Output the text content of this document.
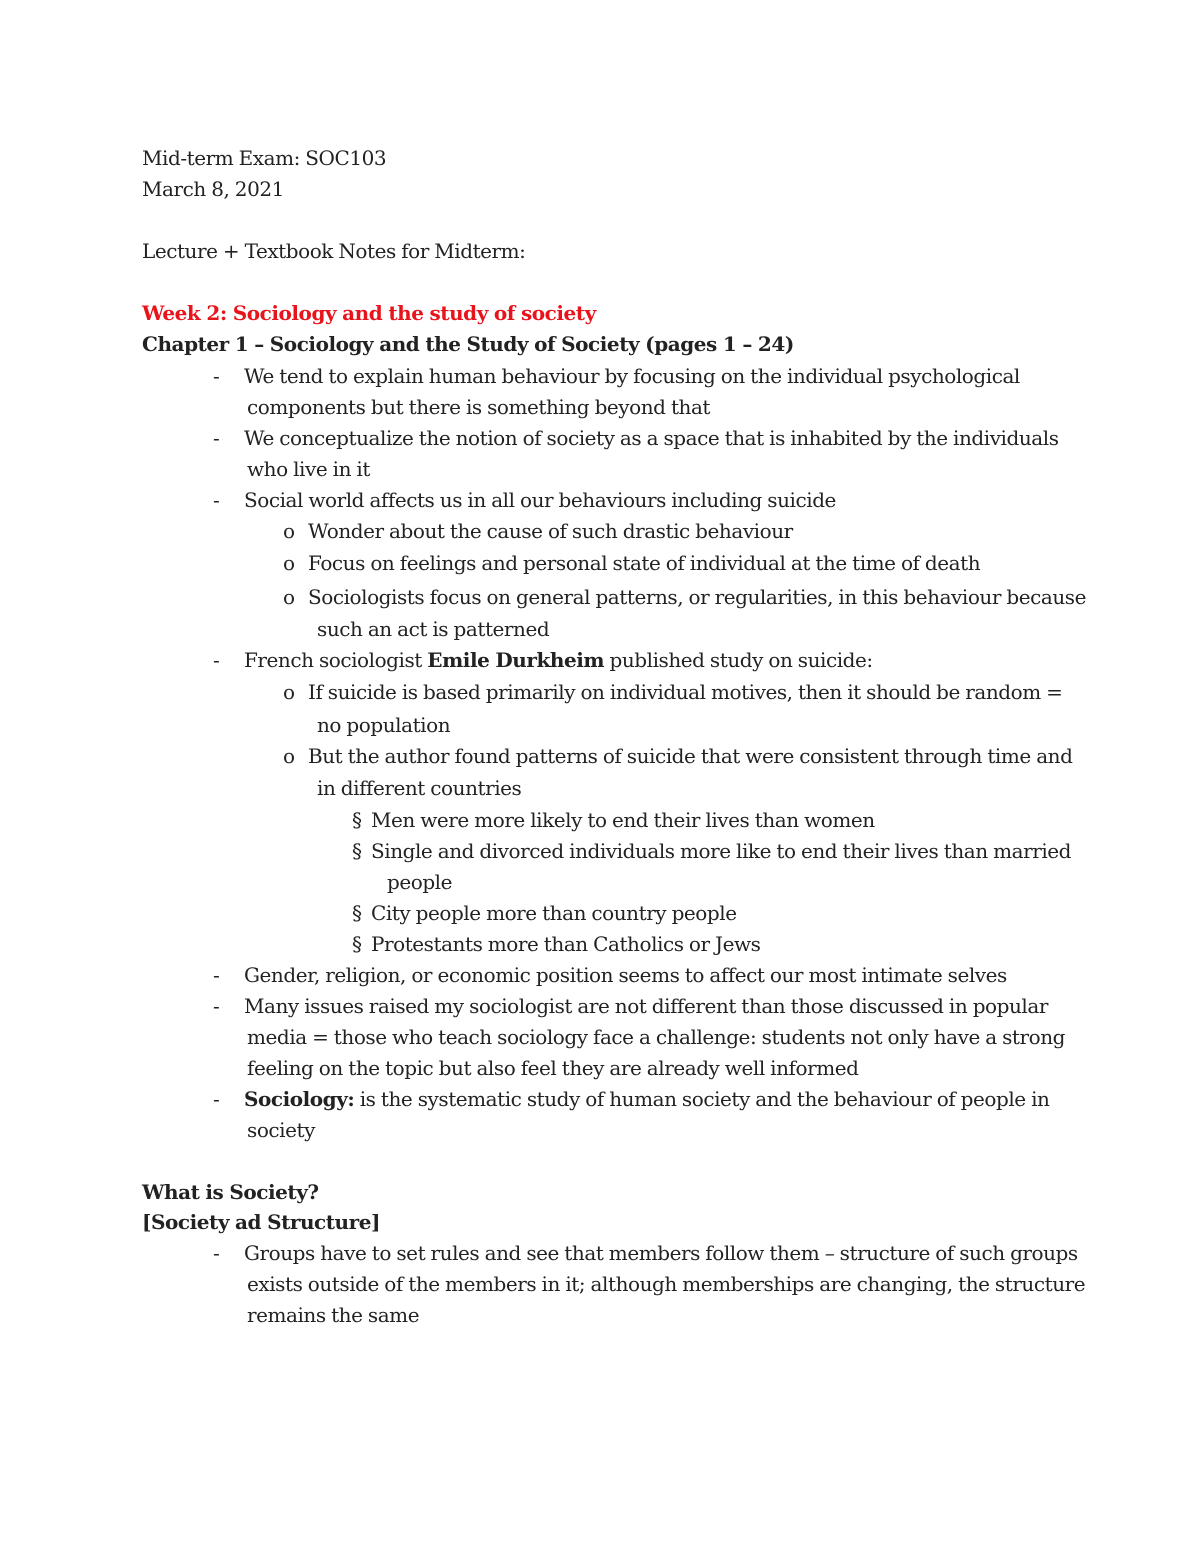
Mid-term Exam: SOC103
March 8, 2021
Lecture + Textbook Notes for Midterm:
Week 2: Sociology and the study of society
Chapter 1 – Sociology and the Study of Society (pages 1 – 24)
- We tend to explain human behaviour by focusing on the individual psychological
components but there is something beyond that
- We conceptualize the notion of society as a space that is inhabited by the individuals
who live in it
- Social world affects us in all our behaviours including suicide
o Wonder about the cause of such drastic behaviour
o Focus on feelings and personal state of individual at the time of death
o Sociologists focus on general patterns, or regularities, in this behaviour because
such an act is patterned
- French sociologist Emile Durkheim published study on suicide:
o If suicide is based primarily on individual motives, then it should be random =
no population
o But the author found patterns of suicide that were consistent through time and
in different countries
§ Men were more likely to end their lives than women
§ Single and divorced individuals more like to end their lives than married
people
§ City people more than country people
§ Protestants more than Catholics or Jews
- Gender, religion, or economic position seems to affect our most intimate selves
- Many issues raised my sociologist are not different than those discussed in popular
media = those who teach sociology face a challenge: students not only have a strong
feeling on the topic but also feel they are already well informed
- Sociology: is the systematic study of human society and the behaviour of people in
society
What is Society?
[Society ad Structure]
- Groups have to set rules and see that members follow them – structure of such groups
exists outside of the members in it; although memberships are changing, the structure
remains the same
